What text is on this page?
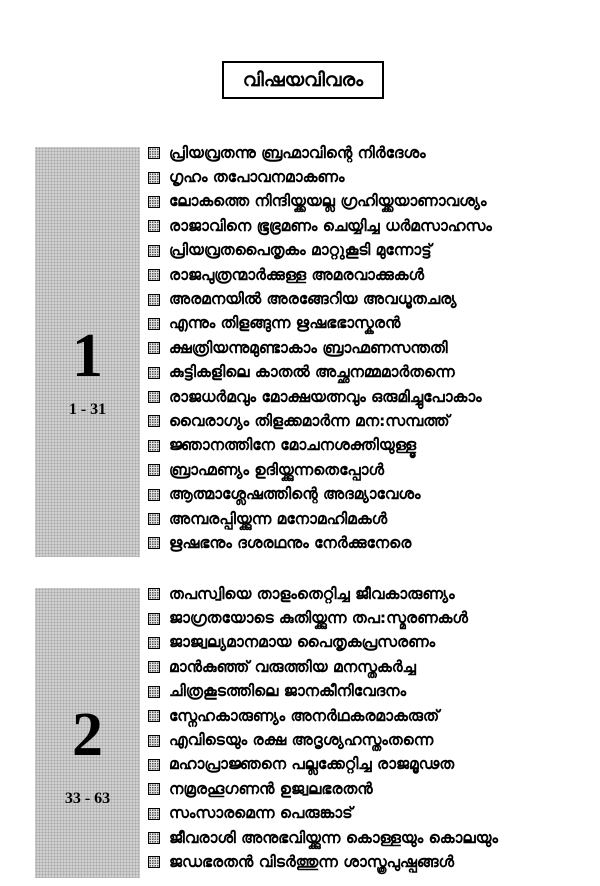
വിഷയവിവരം
1
1 - 31
പ്രിയവ്രതന്നു ബ്രഹ്മാവിന്റെ നിർദേശം
ഗൃഹം തപോവനമാകണം
ലോകത്തെ നിന്ദിയ്ക്കയല്ല ഗ്രഹിയ്ക്കയാണാവശ്യം
രാജാവിനെ ഭൂഭ്രമണം ചെയ്യിച്ച ധർമസാഹസം
പ്രിയവ്രതപൈതൃകം മാറ്റുകൂടി മുന്നോട്ട്
രാജപുത്രന്മാർക്കുള്ള അമരവാക്കുകൾ
അരമനയിൽ അരങ്ങേറിയ അവധൂതചര്യ
എന്നും തിളങ്ങുന്ന ഋഷഭഭാസ്കരൻ
ക്ഷത്രിയന്നുമുണ്ടാകാം ബ്രാഹ്മണസന്തതി
കുട്ടികളിലെ കാതൽ അച്ഛനമ്മമാർതന്നെ
രാജധർമവും മോക്ഷയത്നവും ഒരുമിച്ചുപോകാം
വൈരാഗ്യം തിളക്കമാർന്ന മന:സമ്പത്ത്
ജ്ഞാനത്തിനേ മോചനശക്തിയുള്ളൂ
ബ്രാഹ്മണ്യം ഉദിയ്ക്കുന്നതെപ്പോൾ
ആത്മാശ്ലേഷത്തിന്റെ അദമ്യാവേശം
അമ്പരപ്പിയ്ക്കുന്ന മനോമഹിമകൾ
ഋഷഭനും ദശരഥനും നേർക്കുനേരെ
2
33 - 63
തപസ്വിയെ താളംതെറ്റിച്ച ജീവകാരുണ്യം
ജാഗ്രതയോടെ കുതിയ്ക്കുന്ന തപ:സ്മരണകൾ
ജാജ്വല്യമാനമായ പൈതൃകപ്രസരണം
മാൻകുഞ്ഞ് വരുത്തിയ മനസ്തകർച്ച
ചിത്രകൂടത്തിലെ ജാനകീനിവേദനം
സ്നേഹകാരുണ്യം അനർഥകരമാകരുത്
എവിടെയും രക്ഷ അദൃശ്യഹസ്തംതന്നെ
മഹാപ്രാജ്ഞനെ പല്ലക്കേറ്റിച്ച രാജമൂഢത
നമ്രരഹൂഗണൻ ഉജ്വലഭരതൻ
സംസാരമെന്ന പെരുങ്കാട്
ജീവരാശി അനുഭവിയ്ക്കുന്ന കൊള്ളയും കൊലയും
ജഡഭരതൻ വിടർത്തുന്ന ശാസ്ത്രപുഷ്പങ്ങൾ
